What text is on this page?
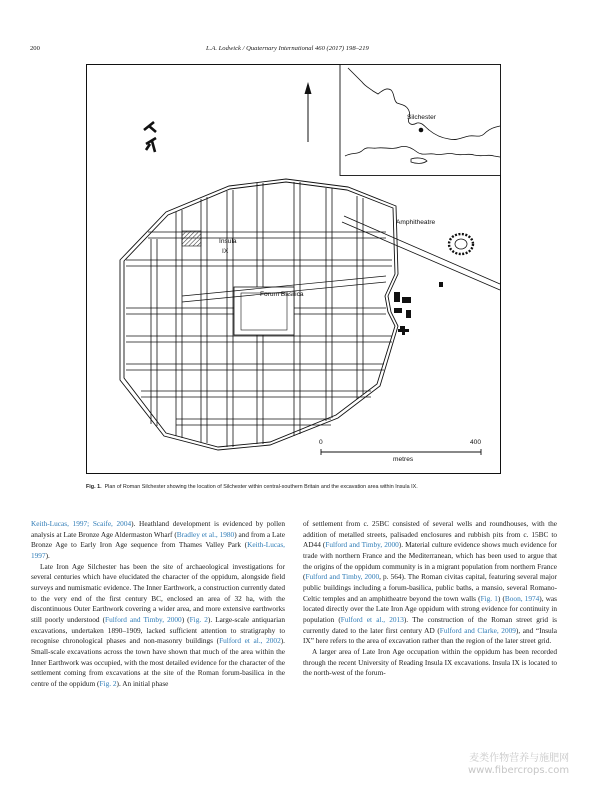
200	L.A. Lodwick / Quaternary International 460 (2017) 198–219
Silchester
Insula
IX
Forum Basilica
Amphitheatre
0	400
metres
Fig. 1. Plan of Roman Silchester showing the location of Silchester within central-southern Britain and the excavation area within Insula IX.

Keith-Lucas, 1997; Scaife, 2004). Heathland development is evidenced by pollen analysis at Late Bronze Age Aldermaston Wharf (Bradley et al., 1980) and from a Late Bronze Age to Early Iron Age sequence from Thames Valley Park (Keith-Lucas, 1997).

Late Iron Age Silchester has been the site of archaeological investigations for several centuries which have elucidated the character of the oppidum, alongside field surveys and numismatic evidence. The Inner Earthwork, a construction currently dated to the very end of the first century BC, enclosed an area of 32 ha, with the discontinuous Outer Earthwork covering a wider area, and more extensive earthworks still poorly understood (Fulford and Timby, 2000) (Fig. 2). Large-scale antiquarian excavations, undertaken 1890–1909, lacked sufficient attention to stratigraphy to recognise chronological phases and non-masonry buildings (Fulford et al., 2002). Small-scale excavations across the town have shown that much of the area within the Inner Earthwork was occupied, with the most detailed evidence for the character of the settlement coming from excavations at the site of the Roman forum-basilica in the centre of the oppidum (Fig. 2). An initial phase

of settlement from c. 25BC consisted of several wells and roundhouses, with the addition of metalled streets, palisaded enclosures and rubbish pits from c. 15BC to AD44 (Fulford and Timby, 2000). Material culture evidence shows much evidence for trade with northern France and the Mediterranean, which has been used to argue that the origins of the oppidum community is in a migrant population from northern France (Fulford and Timby, 2000, p. 564). The Roman civitas capital, featuring several major public buildings including a forum-basilica, public baths, a mansio, several Romano-Celtic temples and an amphitheatre beyond the town walls (Fig. 1) (Boon, 1974), was located directly over the Late Iron Age oppidum with strong evidence for continuity in population (Fulford et al., 2013). The construction of the Roman street grid is currently dated to the later first century AD (Fulford and Clarke, 2009), and “Insula IX” here refers to the area of excavation rather than the region of the later street grid.

A larger area of Late Iron Age occupation within the oppidum has been recorded through the recent University of Reading Insula IX excavations. Insula IX is located to the north-west of the forum-

麦类作物营养与施肥网
www.fibercrops.com
